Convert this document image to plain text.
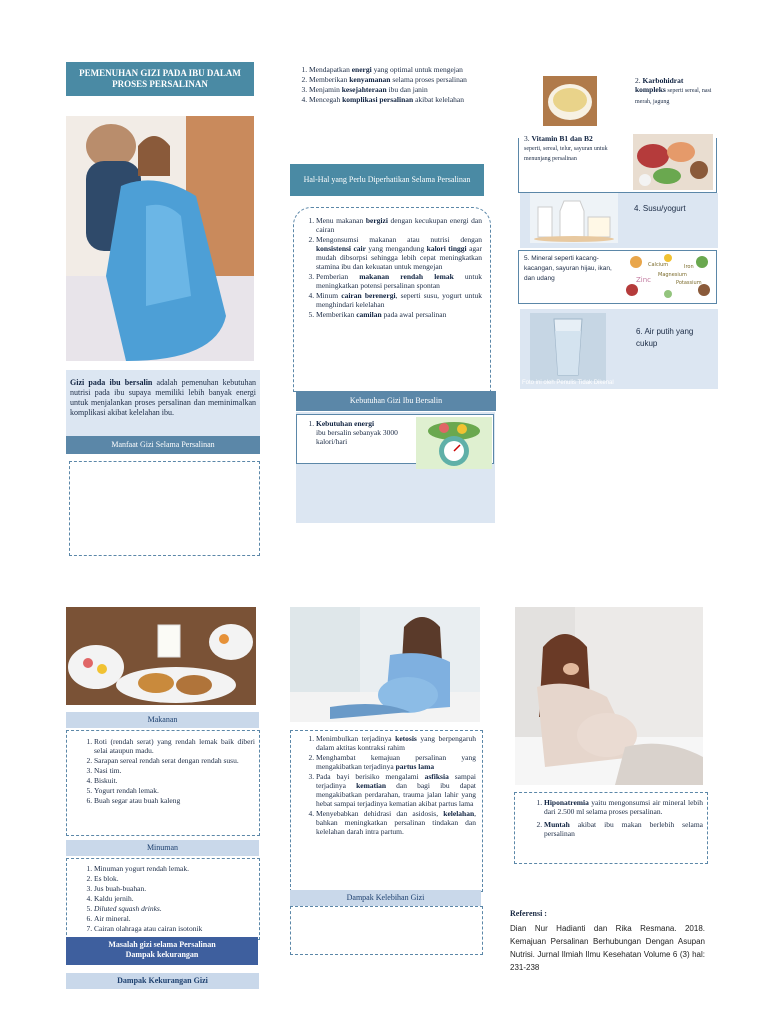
PEMENUHAN GIZI PADA IBU DALAM PROSES PERSALINAN
Gizi pada ibu bersalin adalah pemenuhan kebutuhan nutrisi pada ibu supaya memiliki lebih banyak energi untuk menjalankan proses persalinan dan meminimalkan komplikasi akibat kelelahan ibu.
Manfaat Gizi Selama Persalinan
1. Mendapatkan energi yang optimal untuk mengejan
2. Memberikan kenyamanan selama proses persalinan
3. Menjamin kesejahteraan ibu dan janin
4. Mencegah komplikasi persalinan akibat kelelahan
Hal-Hal yang Perlu Diperhatikan Selama Persalinan
1. Menu makanan bergizi dengan kecukupan energi dan cairan
2. Mengonsumsi makanan atau nutrisi dengan konsistensi cair yang mengandung kalori tinggi agar mudah dibsorpsi sehingga lebih cepat meningkatkan stamina ibu dan kekuatan untuk mengejan
3. Pemberian makanan rendah lemak untuk meningkatkan potensi persalinan spontan
4. Minum cairan berenergi, seperti susu, yogurt untuk menghindari kelelahan
5. Memberikan camilan pada awal persalinan
Kebutuhan Gizi Ibu Bersalin
1. Kebutuhan energi
ibu bersalin sebanyak 3000 kalori/hari
2. Karbohidrat kompleks seperti sereal, nasi merah, jagung
3. Vitamin B1 dan B2
seperti, sereal, telur, sayuran untuk menunjang persalinan
4. Susu/yogurt
5. Mineral seperti kacang-kacangan, sayuran hijau, ikan, dan udang
Calcium	Iron
Magnesium
Zinc	Potassium
6. Air putih yang cukup
Foto ini oleh Penulis Tidak Dikenal
Makanan
1. Roti (rendah serat) yang rendah lemak baik diberi selai ataupun madu.
2. Sarapan sereal rendah serat dengan rendah susu.
3. Nasi tim.
4. Biskuit.
5. Yogurt rendah lemak.
6. Buah segar atau buah kaleng
Minuman
1. Minuman yogurt rendah lemak.
2. Es blok.
3. Jus buah-buahan.
4. Kaldu jernih.
5. Diluted squash drinks.
6. Air mineral.
7. Cairan olahraga atau cairan isotonik
Masalah gizi selama Persalinan
Dampak kekurangan
Dampak Kekurangan Gizi
1. Menimbulkan terjadinya ketosis yang berpengaruh dalam aktitas kontraksi rahim
2. Menghambat kemajuan persalinan yang mengakibatkan terjadinya partus lama
3. Pada bayi berisiko mengalami asfiksia sampai terjadinya kematian dan bagi ibu dapat mengakibatkan perdarahan, trauma jalan lahir yang hebat sampai terjadinya kematian akibat partus lama
4. Menyebabkan dehidrasi dan asidosis, kelelahan, bahkan meningkatkan persalinan tindakan dan kelelahan darah intra partum.
Dampak Kelebihan Gizi
1. Hiponatremia yaitu mengonsumsi air mineral lebih dari 2.500 ml selama proses persalinan.
2. Muntah akibat ibu makan berlebih selama persalinan
Referensi :
Dian Nur Hadianti dan Rika Resmana. 2018. Kemajuan Persalinan Berhubungan Dengan Asupan Nutrisi. Jurnal Ilmiah Ilmu Kesehatan Volume 6 (3) hal: 231-238
